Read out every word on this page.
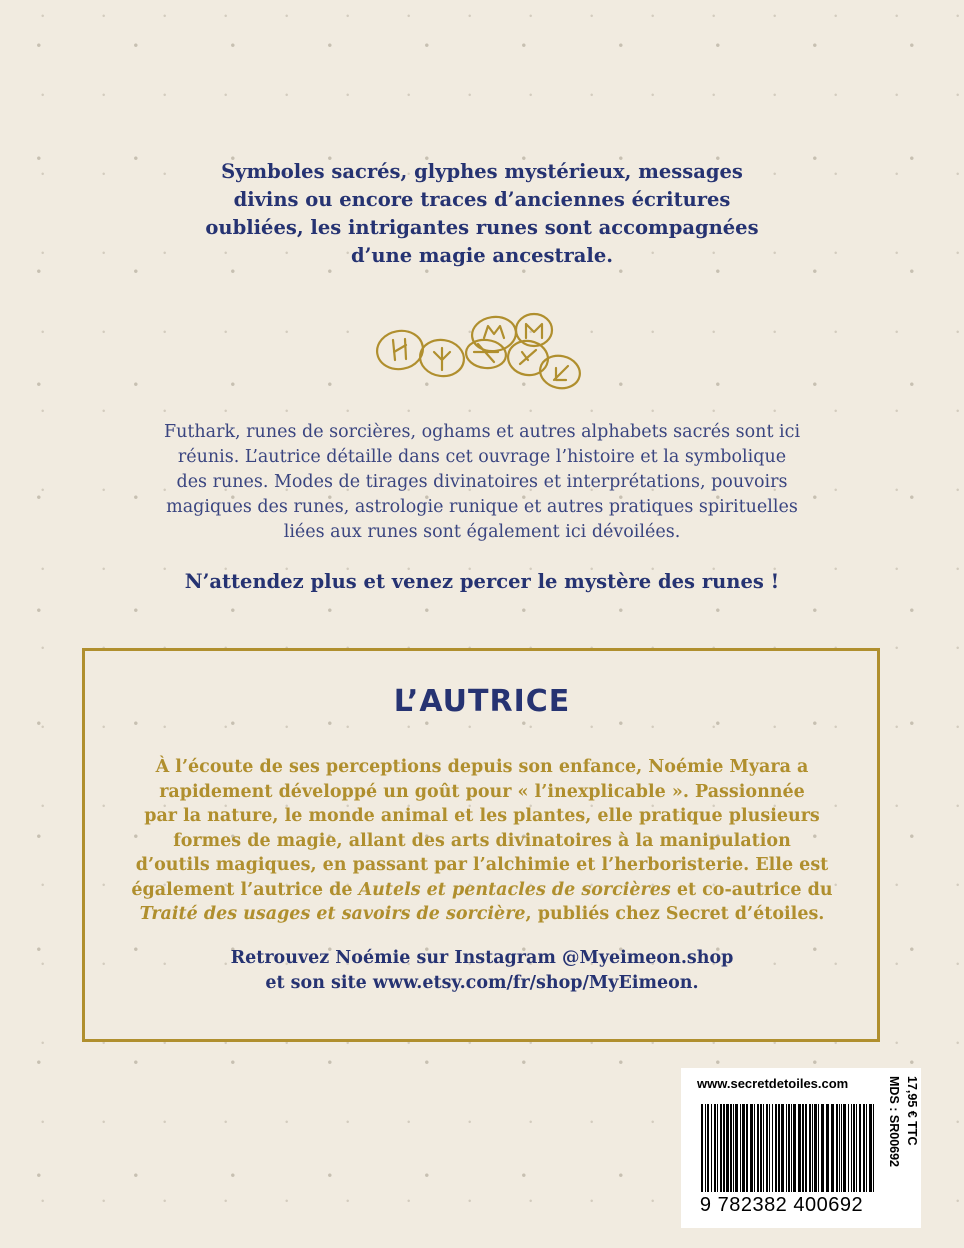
Symboles sacrés, glyphes mystérieux, messages
divins ou encore traces d’anciennes écritures
oubliées, les intrigantes runes sont accompagnées
d’une magie ancestrale.
Futhark, runes de sorcières, oghams et autres alphabets sacrés sont ici
réunis. L’autrice détaille dans cet ouvrage l’histoire et la symbolique
des runes. Modes de tirages divinatoires et interprétations, pouvoirs
magiques des runes, astrologie runique et autres pratiques spirituelles
liées aux runes sont également ici dévoilées.
N’attendez plus et venez percer le mystère des runes !
L’AUTRICE
À l’écoute de ses perceptions depuis son enfance, Noémie Myara a
rapidement développé un goût pour « l’inexplicable ». Passionnée
par la nature, le monde animal et les plantes, elle pratique plusieurs
formes de magie, allant des arts divinatoires à la manipulation
d’outils magiques, en passant par l’alchimie et l’herboristerie. Elle est
également l’autrice de Autels et pentacles de sorcières et co-autrice du
Traité des usages et savoirs de sorcière, publiés chez Secret d’étoiles.
Retrouvez Noémie sur Instagram @Myeimeon.shop
et son site www.etsy.com/fr/shop/MyEimeon.
www.secretdetoiles.com
9 782382 400692
MDS : SR00692 17,95 € TTC
